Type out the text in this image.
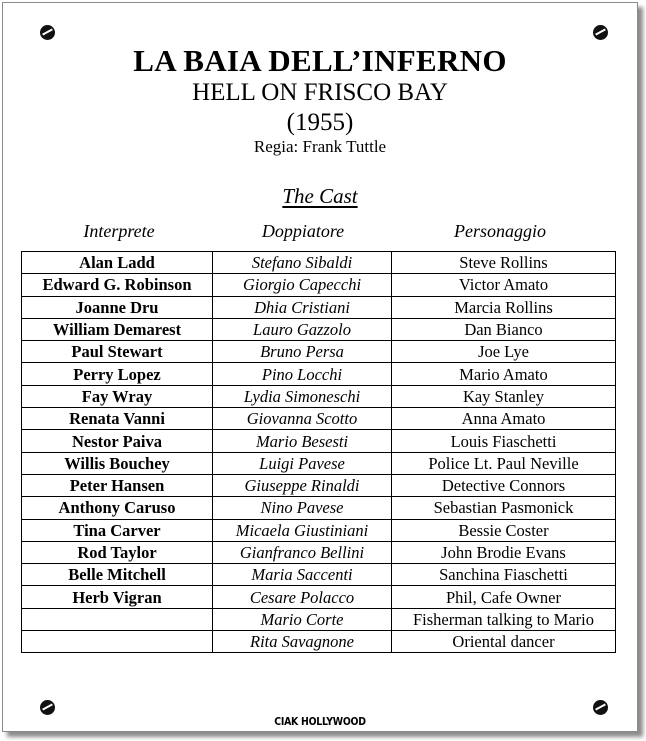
LA BAIA DELL’INFERNO
HELL ON FRISCO BAY
(1955)
Regia: Frank Tuttle
The Cast
Interprete	Doppiatore	Personaggio
Alan Ladd	Stefano Sibaldi	Steve Rollins
Edward G. Robinson	Giorgio Capecchi	Victor Amato
Joanne Dru	Dhia Cristiani	Marcia Rollins
William Demarest	Lauro Gazzolo	Dan Bianco
Paul Stewart	Bruno Persa	Joe Lye
Perry Lopez	Pino Locchi	Mario Amato
Fay Wray	Lydia Simoneschi	Kay Stanley
Renata Vanni	Giovanna Scotto	Anna Amato
Nestor Paiva	Mario Besesti	Louis Fiaschetti
Willis Bouchey	Luigi Pavese	Police Lt. Paul Neville
Peter Hansen	Giuseppe Rinaldi	Detective Connors
Anthony Caruso	Nino Pavese	Sebastian Pasmonick
Tina Carver	Micaela Giustiniani	Bessie Coster
Rod Taylor	Gianfranco Bellini	John Brodie Evans
Belle Mitchell	Maria Saccenti	Sanchina Fiaschetti
Herb Vigran	Cesare Polacco	Phil, Cafe Owner
	Mario Corte	Fisherman talking to Mario
	Rita Savagnone	Oriental dancer
CIAK HOLLYWOOD
